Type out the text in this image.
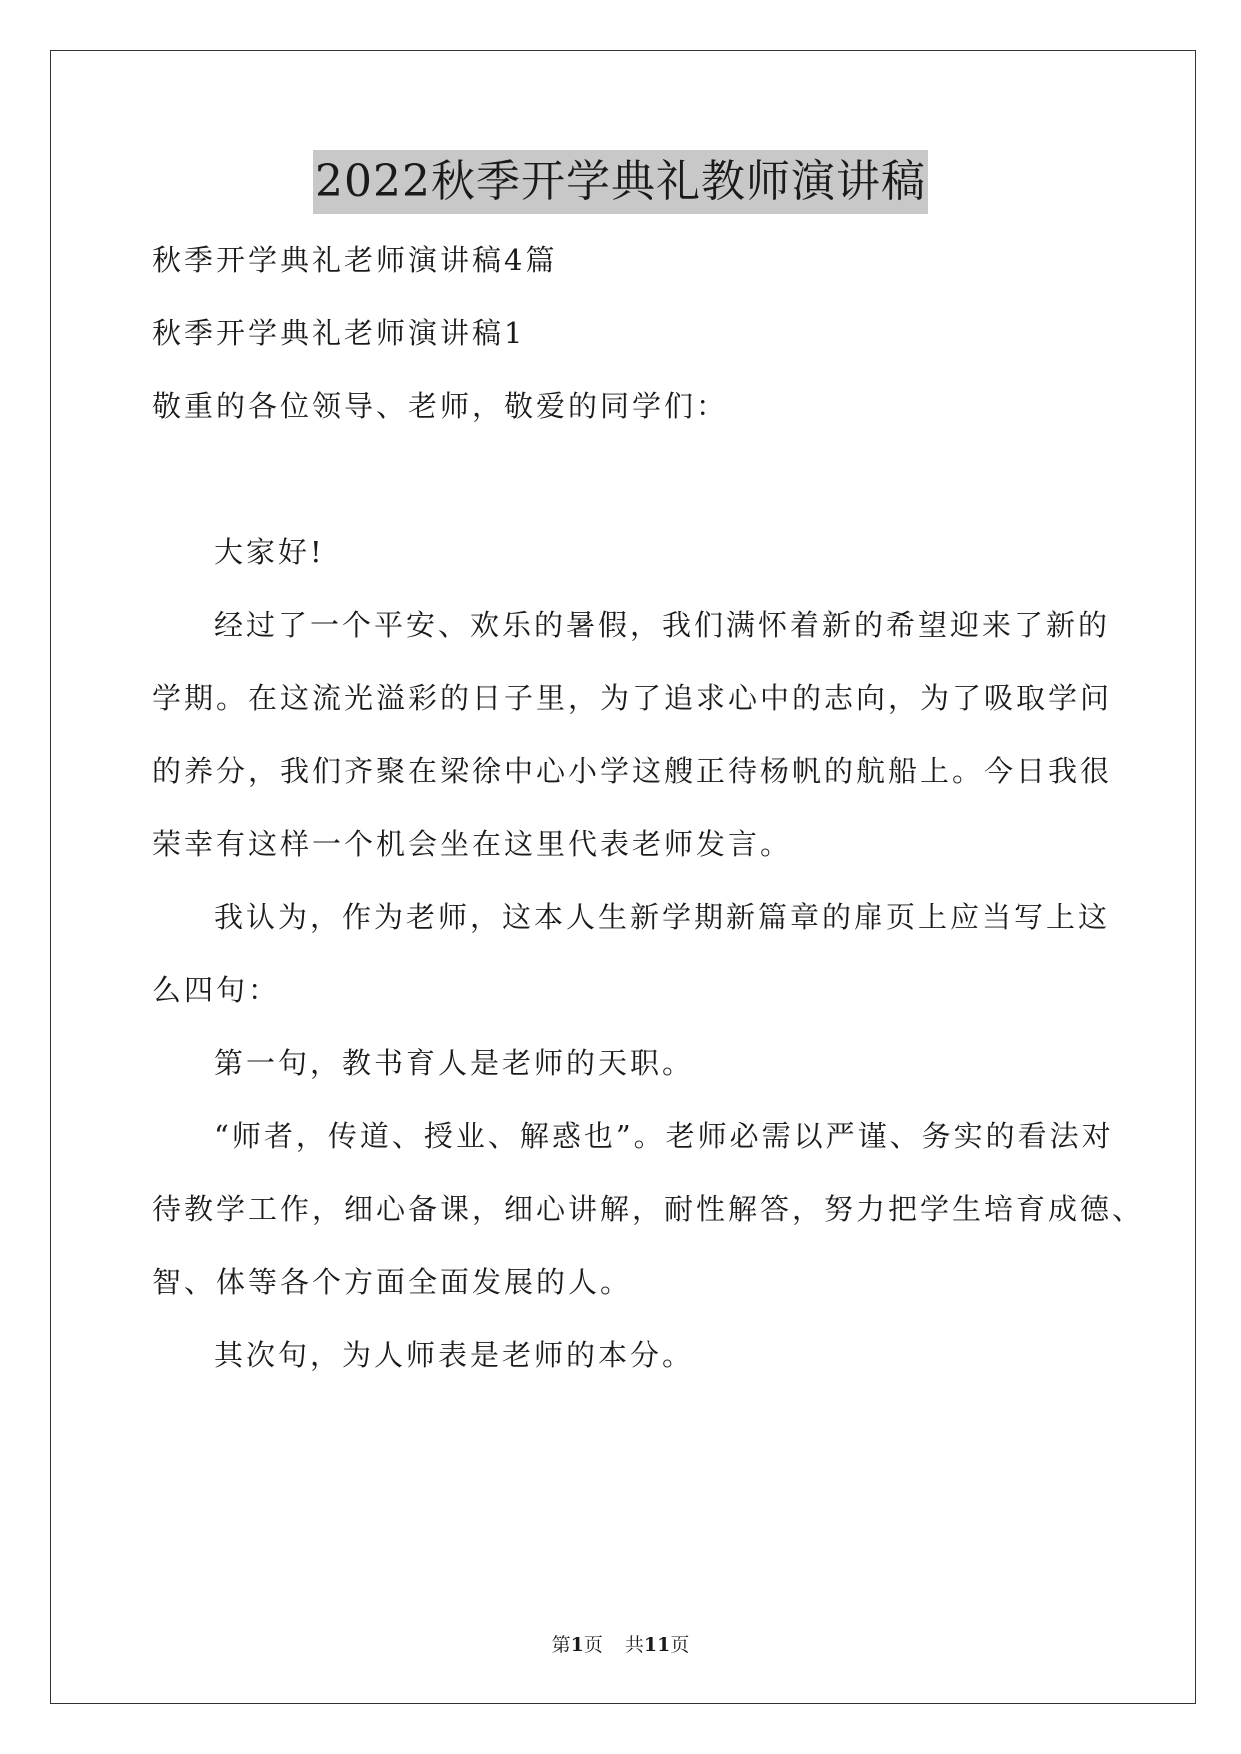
2022秋季开学典礼教师演讲稿

秋季开学典礼老师演讲稿4篇

秋季开学典礼老师演讲稿1

敬重的各位领导、老师，敬爱的同学们：

大家好!

经过了一个平安、欢乐的暑假，我们满怀着新的希望迎来了新的

学期。在这流光溢彩的日子里，为了追求心中的志向，为了吸取学问

的养分，我们齐聚在梁徐中心小学这艘正待杨帆的航船上。今日我很

荣幸有这样一个机会坐在这里代表老师发言。

我认为，作为老师，这本人生新学期新篇章的扉页上应当写上这

么四句：

第一句，教书育人是老师的天职。

“师者，传道、授业、解惑也”。老师必需以严谨、务实的看法对

待教学工作，细心备课，细心讲解，耐性解答，努力把学生培育成德、

智、体等各个方面全面发展的人。

其次句，为人师表是老师的本分。

第1页 共11页
